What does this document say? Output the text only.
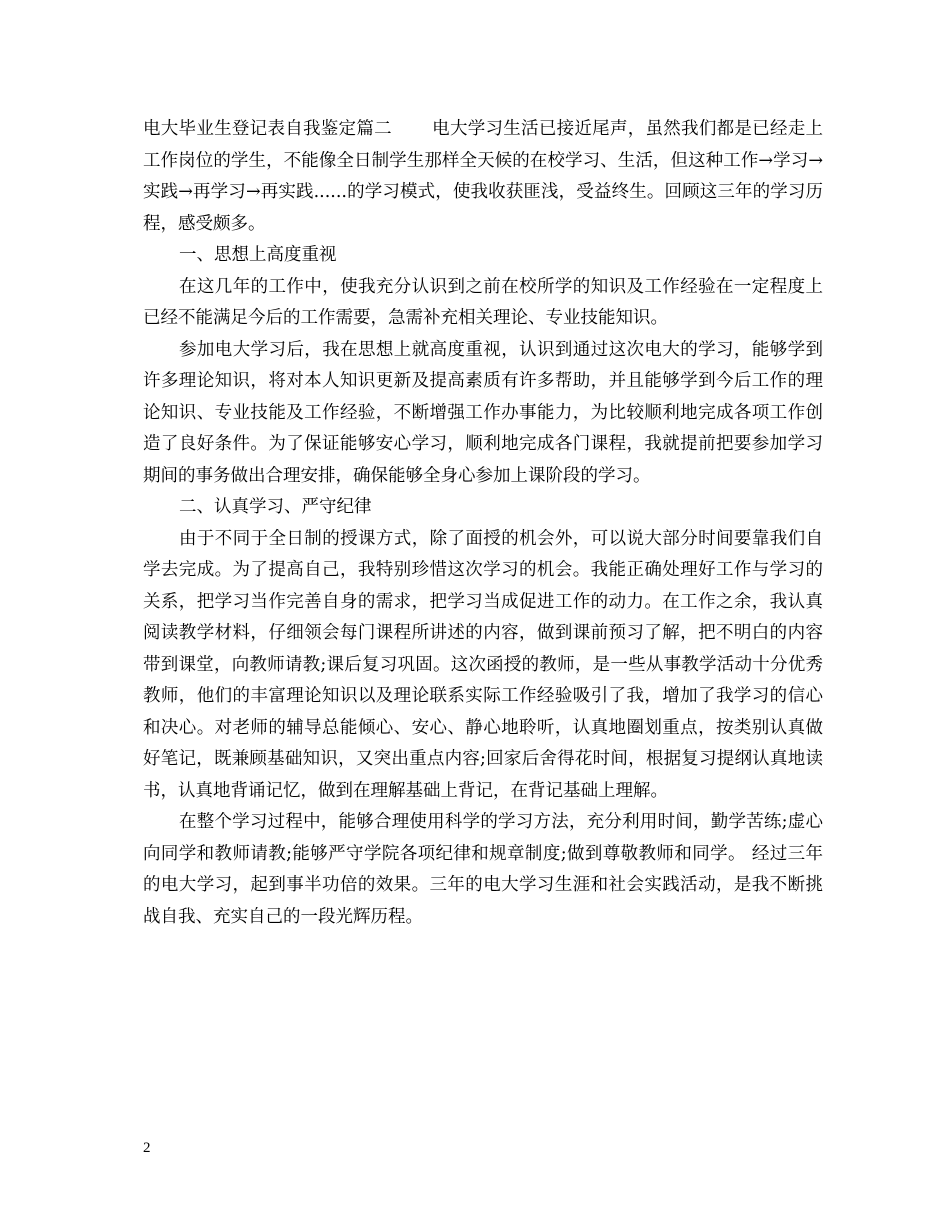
电大毕业生登记表自我鉴定篇二 电大学习生活已接近尾声，虽然我们都是已经走上工作岗位的学生，不能像全日制学生那样全天候的在校学习、生活，但这种工作→学习→实践→再学习→再实践......的学习模式，使我收获匪浅，受益终生。回顾这三年的学习历程，感受颇多。

一、思想上高度重视

在这几年的工作中，使我充分认识到之前在校所学的知识及工作经验在一定程度上已经不能满足今后的工作需要，急需补充相关理论、专业技能知识。

参加电大学习后，我在思想上就高度重视，认识到通过这次电大的学习，能够学到许多理论知识，将对本人知识更新及提高素质有许多帮助，并且能够学到今后工作的理论知识、专业技能及工作经验，不断增强工作办事能力，为比较顺利地完成各项工作创造了良好条件。为了保证能够安心学习，顺利地完成各门课程，我就提前把要参加学习期间的事务做出合理安排，确保能够全身心参加上课阶段的学习。

二、认真学习、严守纪律

由于不同于全日制的授课方式，除了面授的机会外，可以说大部分时间要靠我们自学去完成。为了提高自己，我特别珍惜这次学习的机会。我能正确处理好工作与学习的关系，把学习当作完善自身的需求，把学习当成促进工作的动力。在工作之余，我认真阅读教学材料，仔细领会每门课程所讲述的内容，做到课前预习了解，把不明白的内容带到课堂，向教师请教;课后复习巩固。这次函授的教师，是一些从事教学活动十分优秀教师，他们的丰富理论知识以及理论联系实际工作经验吸引了我，增加了我学习的信心和决心。对老师的辅导总能倾心、安心、静心地聆听，认真地圈划重点，按类别认真做好笔记，既兼顾基础知识，又突出重点内容;回家后舍得花时间，根据复习提纲认真地读书，认真地背诵记忆，做到在理解基础上背记，在背记基础上理解。

在整个学习过程中，能够合理使用科学的学习方法，充分利用时间，勤学苦练;虚心向同学和教师请教;能够严守学院各项纪律和规章制度;做到尊敬教师和同学。 经过三年的电大学习，起到事半功倍的效果。三年的电大学习生涯和社会实践活动，是我不断挑战自我、充实自己的一段光辉历程。

2
